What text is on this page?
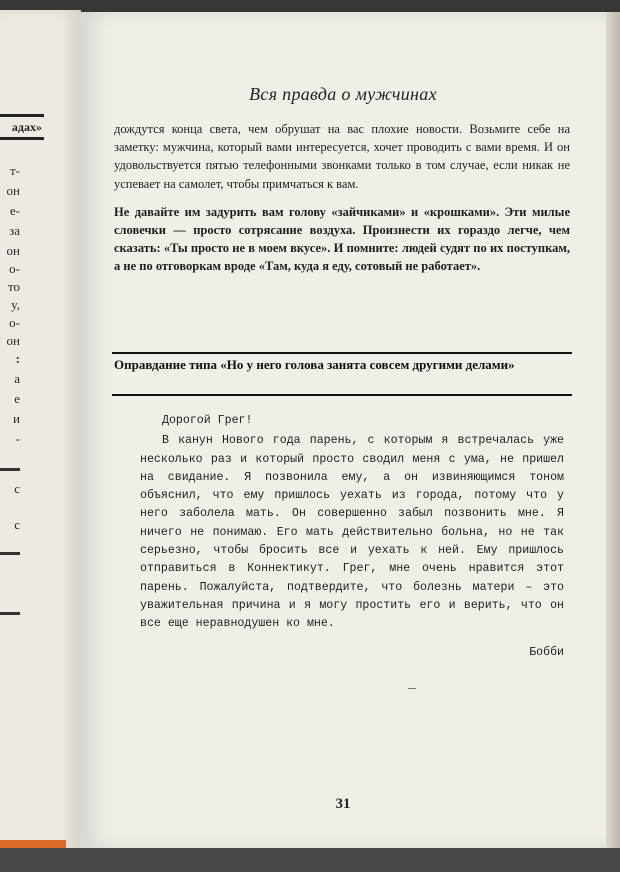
адах»
т-
он
е-
за
он
о-
то
y,
о-
он
:
а
е
и
-
с
с
Вся правда о мужчинах

дождутся конца света, чем обрушат на вас плохие новости. Возьмите себе на заметку: мужчина, который вами интересуется, хочет проводить с вами время. И он удовольствуется пятью телефонными звонками только в том случае, если никак не успевает на самолет, чтобы примчаться к вам.

Не давайте им задурить вам голову «зайчиками» и «крошками». Эти милые словечки — просто сотрясание воздуха. Произнести их гораздо легче, чем сказать: «Ты просто не в моем вкусе». И помните: людей судят по их поступкам, а не по отговоркам вроде «Там, куда я еду, сотовый не работает».

Оправдание типа «Но у него голова занята совсем другими делами»

Дорогой Грег!

В канун Нового года парень, с которым я встречалась уже несколько раз и который просто сводил меня с ума, не пришел на свидание. Я позвонила ему, а он извиняющимся тоном объяснил, что ему пришлось уехать из города, потому что у него заболела мать. Он совершенно забыл позвонить мне. Я ничего не понимаю. Его мать действительно больна, но не так серьезно, чтобы бросить все и уехать к ней. Ему пришлось отправиться в Коннектикут. Грег, мне очень нравится этот парень. Пожалуйста, подтвердите, что болезнь матери – это уважительная причина и я могу простить его и верить, что он все еще неравнодушен ко мне.

Бобби
31
